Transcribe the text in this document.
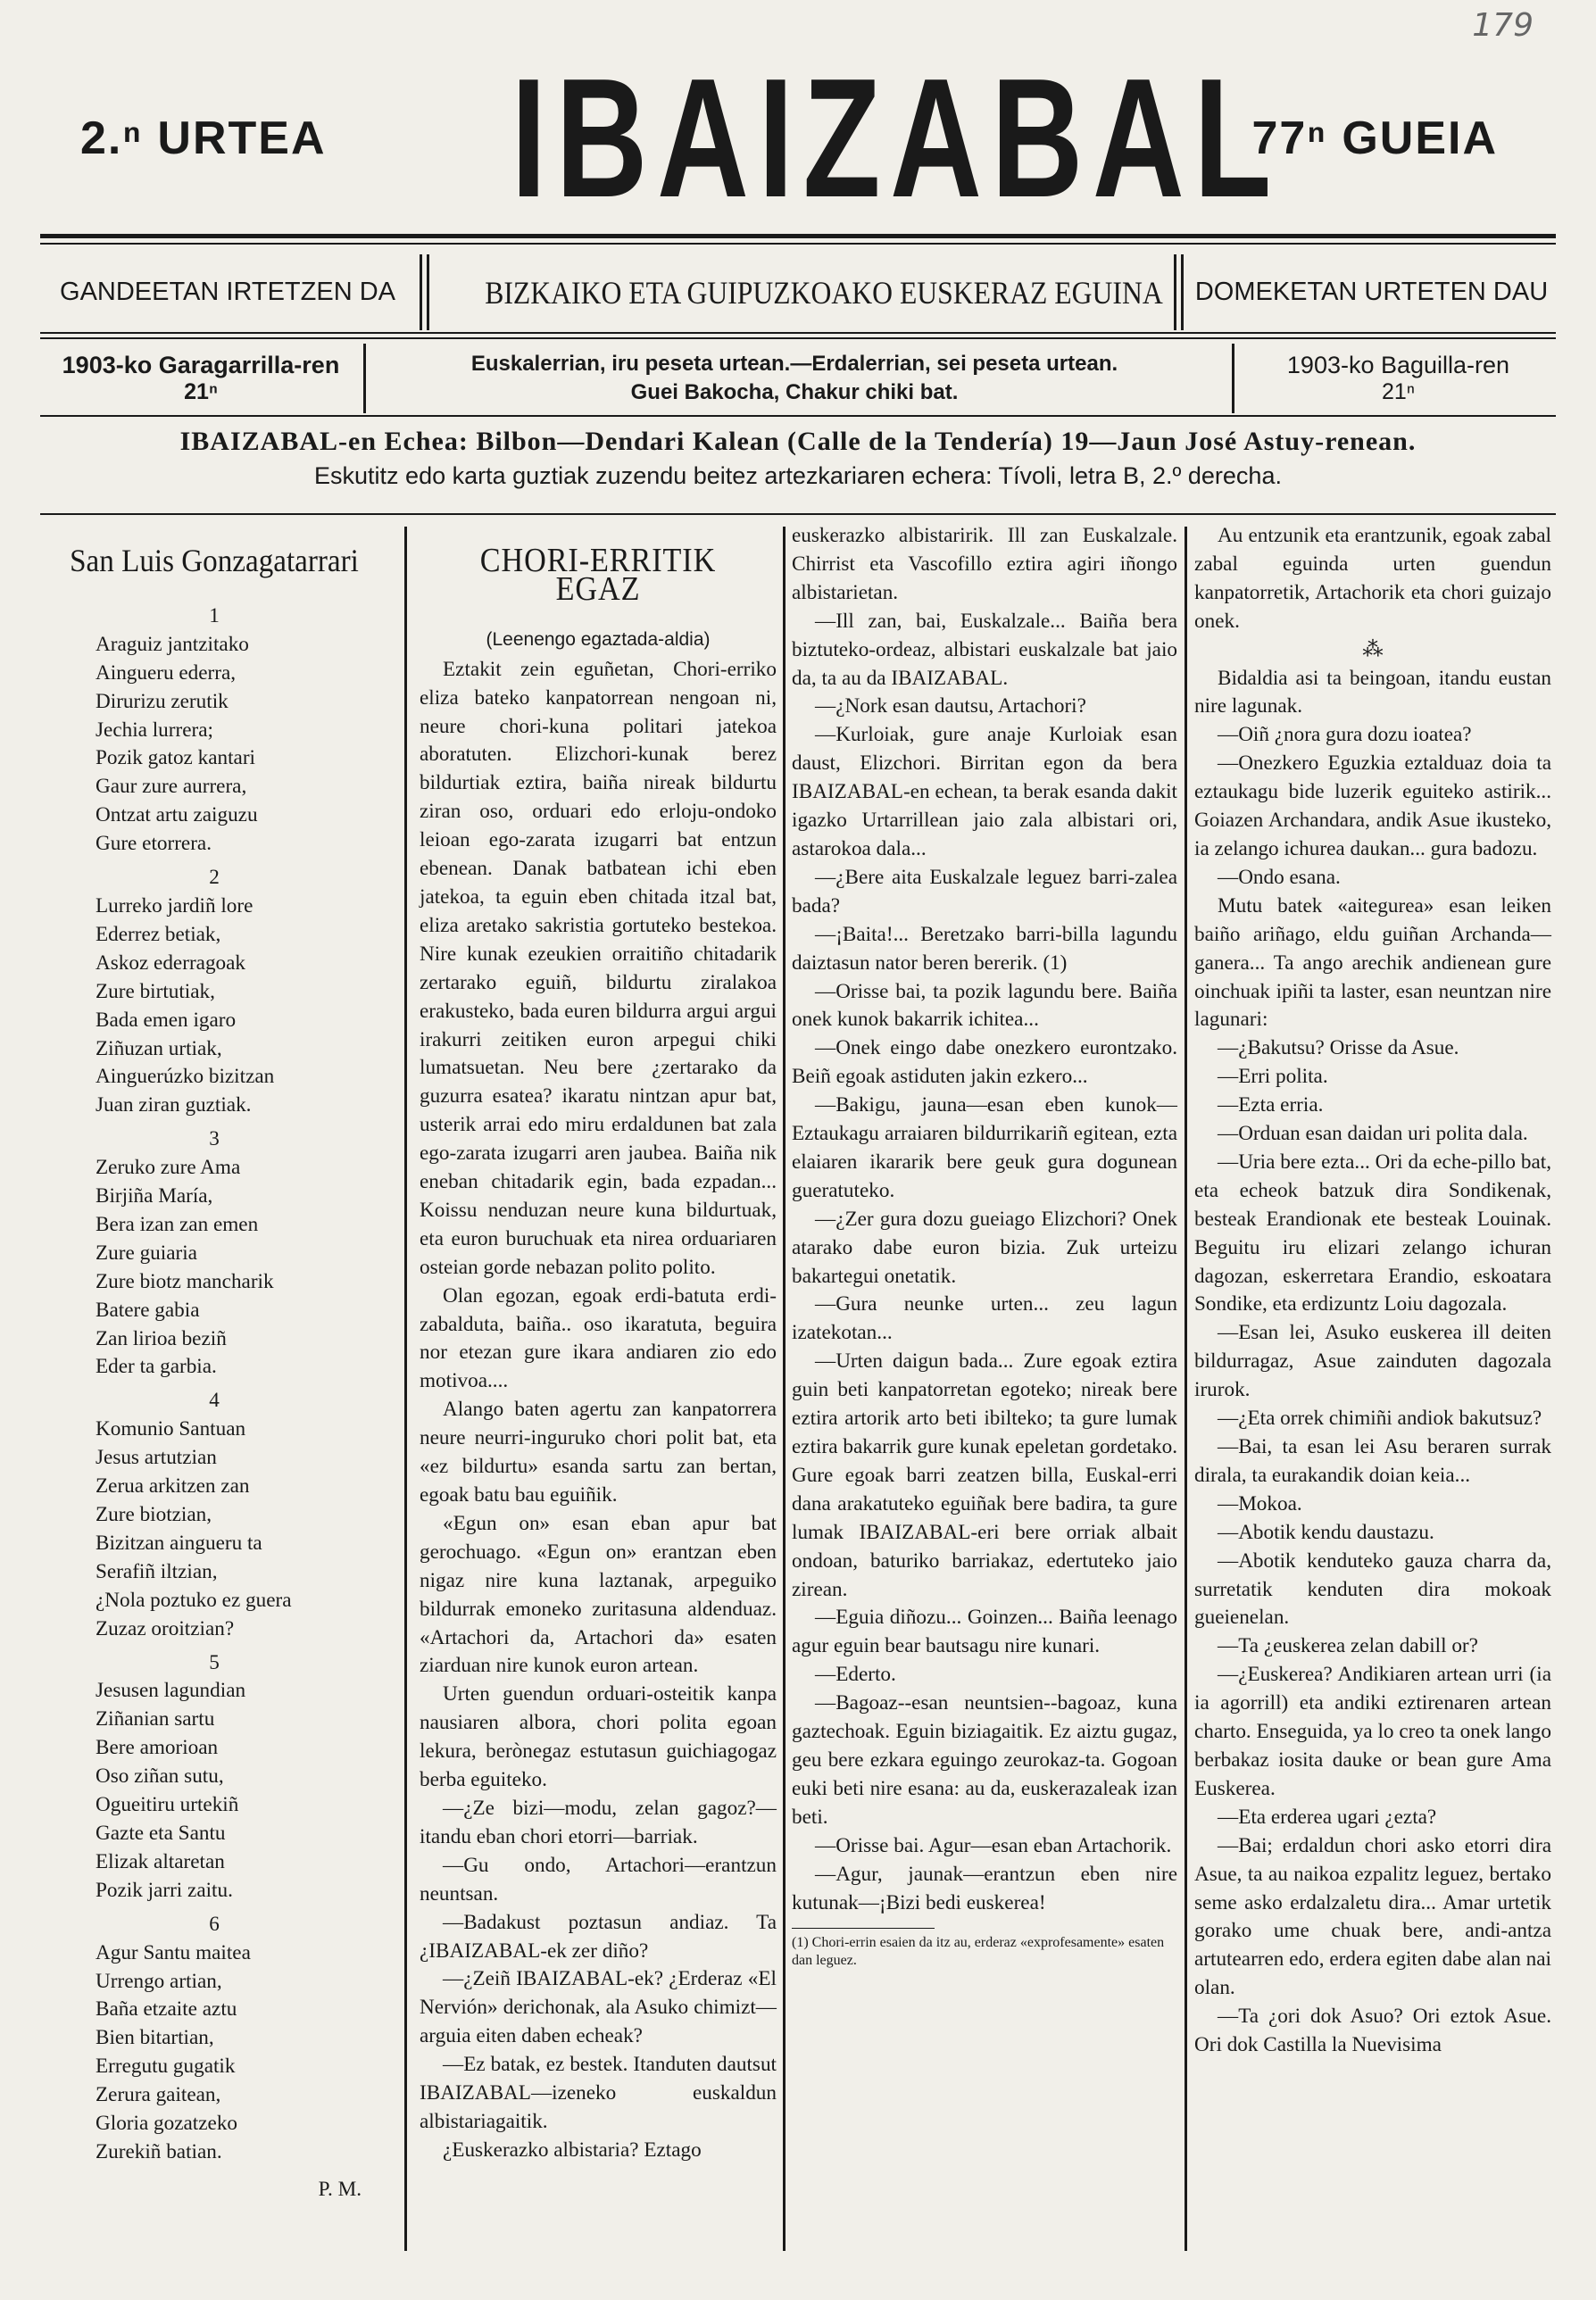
179
2.ⁿ URTEA IBAIZABAL
77ⁿ GUEIA
GANDEETAN IRTETZEN DA	BIZKAIKO ETA GUIPUZKOAKO EUSKERAZ EGUINA	DOMEKETAN URTETEN DAU
1903-ko Garagarrilla-ren
21ⁿ
Euskalerrian, iru peseta urtean.—Erdalerrian, sei peseta urtean.
Guei Bakocha, Chakur chiki bat.
1903-ko Baguilla-ren
21ⁿ
IBAIZABAL-en Echea: Bilbon—Dendari Kalean (Calle de la Tendería) 19—Jaun José Astuy-renean.
Eskutitz edo karta guztiak zuzendu beitez artezkariaren echera: Tívoli, letra B, 2.º derecha.
San Luis Gonzagatarrari
1
Araguiz jantzitako
Aingueru ederra,
Dirurizu zerutik
Jechia lurrera;
Pozik gatoz kantari
Gaur zure aurrera,
Ontzat artu zaiguzu
Gure etorrera.
2
Lurreko jardiñ lore
Ederrez betiak,
Askoz ederragoak
Zure birtutiak,
Bada emen igaro
Ziñuzan urtiak,
Ainguerúzko bizitzan
Juan ziran guztiak.
3
Zeruko zure Ama
Birjiña María,
Bera izan zan emen
Zure guiaria
Zure biotz mancharik
Batere gabia
Zan lirioa beziñ
Eder ta garbia.
4
Komunio Santuan
Jesus artutzian
Zerua arkitzen zan
Zure biotzian,
Bizitzan ainguеru ta
Serafiñ iltzian,
¿Nola poztuko ez guera
Zuzaz oroitzian?
5
Jesusen lagundian
Ziñanian sartu
Bere amorioan
Oso ziñan sutu,
Ogueitiru urtekiñ
Gazte eta Santu
Elizak altaretan
Pozik jarri zaitu.
6
Agur Santu maitea
Urrengo artian,
Baña etzaite aztu
Bien bitartian,
Erregutu gugatik
Zerura gaitean,
Gloria gozatzeko
Zurekiñ batian.
P. M.
CHORI-ERRITIK EGAZ
(Leenengo egaztada-aldia)

Eztakit zein eguñetan, Chori-erriko eliza bateko kanpatorrean nengoan ni, neure chori-kuna politari jatekoa aboratuten. Elizchori-kunak berez bildurtiak eztira, baiña nireak bildurtu ziran oso, orduari edo erloju-ondoko leioan ego-zarata izugarri bat entzun ebenean. Danak batbatean ichi eben jatekoa, ta eguin eben chitada itzal bat, eliza aretako sakristia gortuteko bestekoa. Nire kunak ezeukien orraitiño chitadarik zertarako eguiñ, bildurtu ziralakoa erakusteko, bada euren bildurra argui argui irakurri zeitiken euron arpegui chiki lumatsuetan. Neu bere ¿zertarako da guzurra esatea? ikaratu nintzan apur bat, usterik arrai edo miru erdaldunen bat zala ego-zarata izugarri aren jaubea. Baiña nik eneban chitadarik egin, bada ezpadan... Koissu nenduzan neure kuna bildurtuak, eta euron buruchuak eta nirea orduariaren osteian gorde nebazan polito polito.

Olan egozan, egoak erdi-batuta erdi-zabalduta, baiña.. oso ikaratuta, beguira nor etezan gure ikara andiaren zio edo motivoa....

Alango baten agertu zan kanpatorrera neure neurri-inguruko chori polit bat, eta «ez bildurtu» esanda sartu zan bertan, egoak batu bau eguiñik.

«Egun on» esan eban apur bat gerochuago. «Egun on» erantzan eben nigaz nire kuna laztanak, arpeguiko bildurrak emoneko zuritasuna aldenduaz. «Artachori da, Artachori da» esaten ziarduan nire kunok euron artean.

Urten guendun orduari-osteitik kanpa nausiaren albora, chori polita egoan lekura, berònegaz estutasun guichiagogaz berba eguiteko.

—¿Ze bizi—modu, zelan gagoz?—itandu eban chori etorri—barriak.

—Gu ondo, Artachori—erantzun neuntsan.

—Badakust poztasun andiaz. Ta ¿IBAIZABAL-ek zer diño?

—¿Zeiñ IBAIZABAL-ek? ¿Erderaz «El Nervión» derichonak, ala Asuko chimizt—arguia eiten daben echeak?

—Ez batak, ez bestek. Itanduten dautsut IBAIZABAL—izeneko euskaldun albistariagaitik.

¿Euskerazko albistaria? Eztago

euskerazko albistaririk. Ill zan Euskalzale. Chirrist eta Vascofillo eztira agiri iñongo albistarietan.

—Ill zan, bai, Euskalzale... Baiña bera biztuteko-ordeaz, albistari euskalzale bat jaio da, ta au da IBAIZABAL.

—¿Nork esan dautsu, Artachori?

—Kurloiak, gure anaje Kurloiak esan daust, Elizchori. Birritan egon da bera IBAIZABAL-en echean, ta berak esanda dakit igazko Urtarrillean jaio zala albistari ori, astarokoa dala...

—¿Bere aita Euskalzale leguez barri-zalea bada?

—¡Baita!... Beretzako barri-billa lagundu daiztasun nator beren bererik. (1)

—Orisse bai, ta pozik lagundu bere. Baiña onek kunok bakarrik ichitea...

—Onek eingo dabe onezkero eurontzako. Beiñ egoak astiduten jakin ezkero...

—Bakigu, jauna—esan eben kunok—Eztaukagu arraiaren bildurrikariñ egitean, ezta elaiaren ikararik bere geuk gura dogunean gueratuteko.

—¿Zer gura dozu gueiago Elizchori? Onek atarako dabe euron bizia. Zuk urteizu bakartegui onetatik.

—Gura neunke urten... zeu lagun izatekotan...

—Urten daigun bada... Zure egoak eztira guin beti kanpatorretan egoteko; nireak bere eztira artorik arto beti ibilteko; ta gure lumak eztira bakarrik gure kunak epeletan gordetako. Gure egoak barri zeatzen billa, Euskal-erri dana arakatuteko eguiñak bere badira, ta gure lumak IBAIZABAL-eri bere orriak albait ondoan, baturiko barriakaz, edertuteko jaio zirean.

—Eguia diñozu... Goinzen... Baiña leenago agur eguin bear bautsagu nire kunari.

—Ederto.

—Bagoaz--esan neuntsien--bagoaz, kuna gaztechoak. Eguin biziagaitik. Ez aiztu gugaz, geu bere ezkara eguingo zeurokaz-ta. Gogoan euki beti nire esana: au da, euskerazaleak izan beti.

—Orisse bai. Agur—esan eban Artachorik.

—Agur, jaunak—erantzun eben nire kutunak—¡Bizi bedi euskerea!

(1) Chori-errin esaien da itz au, erderaz «exprofesamente» esaten dan leguez.

Au entzunik eta erantzunik, egoak zabal zabal eguinda urten guendun kanpatorretik, Artachorik eta chori guizajo onek.

⁂

Bidaldia asi ta beingoan, itandu eustan nire lagunak.

—Oiñ ¿nora gura dozu ioatea?

—Onezkero Eguzkia eztalduaz doia ta eztaukagu bide luzerik eguiteko astirik... Goiazen Archandara, andik Asue ikusteko, ia zelango ichurea daukan... gura badozu.

—Ondo esana.

Mutu batek «aitegurea» esan leiken baiño ariñago, eldu guiñan Archanda—ganera... Ta ango arechik andienean gure oinchuak ipiñi ta laster, esan neuntzan nire lagunari:

—¿Bakutsu? Orisse da Asue.

—Erri polita.

—Ezta erria.

—Orduan esan daidan uri polita dala.

—Uria bere ezta... Ori da eche-pillo bat, eta echeok batzuk dira Sondikenak, besteak Erandionak ete besteak Louinak. Beguitu iru elizari zelango ichuran dagozan, eskerretara Erandio, eskoatara Sondike, eta erdizuntz Loiu dagozala.

—Esan lei, Asuko euskerea ill deiten bildurragaz, Asue zainduten dagozala irurok.

—¿Eta orrek chimiñi andiok bakutsuz?

—Bai, ta esan lei Asu beraren surrak dirala, ta eurakandik doian keia...

—Mokoa.

—Abotik kendu daustazu.

—Abotik kenduteko gauza charra da, surretatik kenduten dira mokoak gueienelan.

—Ta ¿euskerea zelan dabill or?

—¿Euskerea? Andikiaren artean urri (ia ia agorrill) eta andiki eztirenaren artean charto. Enseguida, ya lo creo ta onek lango berbakaz iosita dauke or bean gure Ama Euskerea.

—Eta erderea ugari ¿ezta?

—Bai; erdaldun chori asko etorri dira Asue, ta au naikoa ezpalitz leguez, bertako seme asko erdalzaletu dira... Amar urtetik gorako ume chuak bere, andi-antza artutearren edo, erdera egiten dabe alan nai olan.

—Ta ¿ori dok Asuo? Ori eztok Asue. Ori dok Castilla la Nuevisima
